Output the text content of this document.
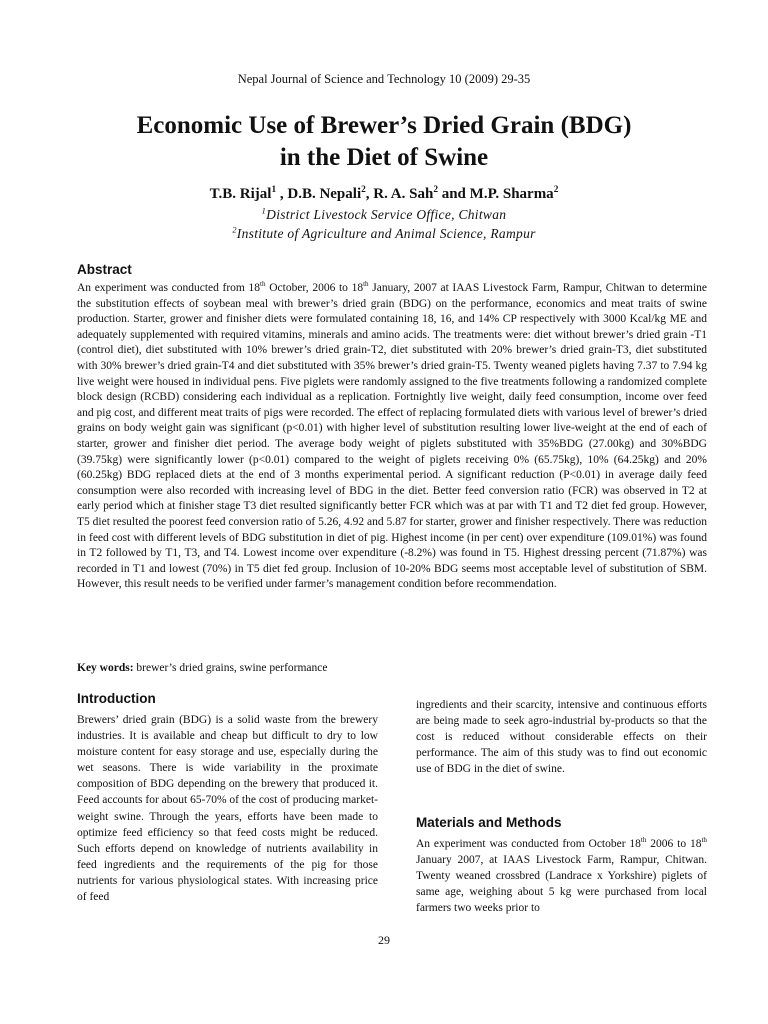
Nepal Journal of Science and Technology 10 (2009) 29-35
Economic Use of Brewer’s Dried Grain (BDG)
in the Diet of Swine
T.B. Rijal$^1$ , D.B. Nepali$^2$, R. A. Sah$^2$ and M.P. Sharma$^2$
$^1$District Livestock Service Office, Chitwan
$^2$Institute of Agriculture and Animal Science, Rampur
Abstract

An experiment was conducted from 18th October, 2006 to 18th January, 2007 at IAAS Livestock Farm, Rampur, Chitwan to determine the substitution effects of soybean meal with brewer’s dried grain (BDG) on the performance, economics and meat traits of swine production. Starter, grower and finisher diets were formulated containing 18, 16, and 14% CP respectively with 3000 Kcal/kg ME and adequately supplemented with required vitamins, minerals and amino acids. The treatments were: diet without brewer’s dried grain -T1 (control diet), diet substituted with 10% brewer’s dried grain-T2, diet substituted with 20% brewer’s dried grain-T3, diet substituted with 30% brewer’s dried grain-T4 and diet substituted with 35% brewer’s dried grain-T5. Twenty weaned piglets having 7.37 to 7.94 kg live weight were housed in individual pens. Five piglets were randomly assigned to the five treatments following a randomized complete block design (RCBD) considering each individual as a replication. Fortnightly live weight, daily feed consumption, income over feed and pig cost, and different meat traits of pigs were recorded. The effect of replacing formulated diets with various level of brewer’s dried grains on body weight gain was significant (p<0.01) with higher level of substitution resulting lower live-weight at the end of each of starter, grower and finisher diet period. The average body weight of piglets substituted with 35%BDG (27.00kg) and 30%BDG (39.75kg) were significantly lower (p<0.01) compared to the weight of piglets receiving 0% (65.75kg), 10% (64.25kg) and 20% (60.25kg) BDG replaced diets at the end of 3 months experimental period. A significant reduction (P<0.01) in average daily feed consumption were also recorded with increasing level of BDG in the diet. Better feed conversion ratio (FCR) was observed in T2 at early period which at finisher stage T3 diet resulted significantly better FCR which was at par with T1 and T2 diet fed group. However, T5 diet resulted the poorest feed conversion ratio of 5.26, 4.92 and 5.87 for starter, grower and finisher respectively. There was reduction in feed cost with different levels of BDG substitution in diet of pig. Highest income (in per cent) over expenditure (109.01%) was found in T2 followed by T1, T3, and T4. Lowest income over expenditure (-8.2%) was found in T5. Highest dressing percent (71.87%) was recorded in T1 and lowest (70%) in T5 diet fed group. Inclusion of 10-20% BDG seems most acceptable level of substitution of SBM. However, this result needs to be verified under farmer’s management condition before recommendation.

Key words: brewer’s dried grains, swine performance

Introduction

Brewers’ dried grain (BDG) is a solid waste from the brewery industries. It is available and cheap but difficult to dry to low moisture content for easy storage and use, especially during the wet seasons. There is wide variability in the proximate composition of BDG depending on the brewery that produced it. Feed accounts for about 65-70% of the cost of producing market-weight swine. Through the years, efforts have been made to optimize feed efficiency so that feed costs might be reduced. Such efforts depend on knowledge of nutrients availability in feed ingredients and the requirements of the pig for those nutrients for various physiological states. With increasing price of feed

ingredients and their scarcity, intensive and continuous efforts are being made to seek agro-industrial by-products so that the cost is reduced without considerable effects on their performance. The aim of this study was to find out economic use of BDG in the diet of swine.

Materials and Methods

An experiment was conducted from October 18th 2006 to 18th January 2007, at IAAS Livestock Farm, Rampur, Chitwan. Twenty weaned crossbred (Landrace x Yorkshire) piglets of same age, weighing about 5 kg were purchased from local farmers two weeks prior to

29
